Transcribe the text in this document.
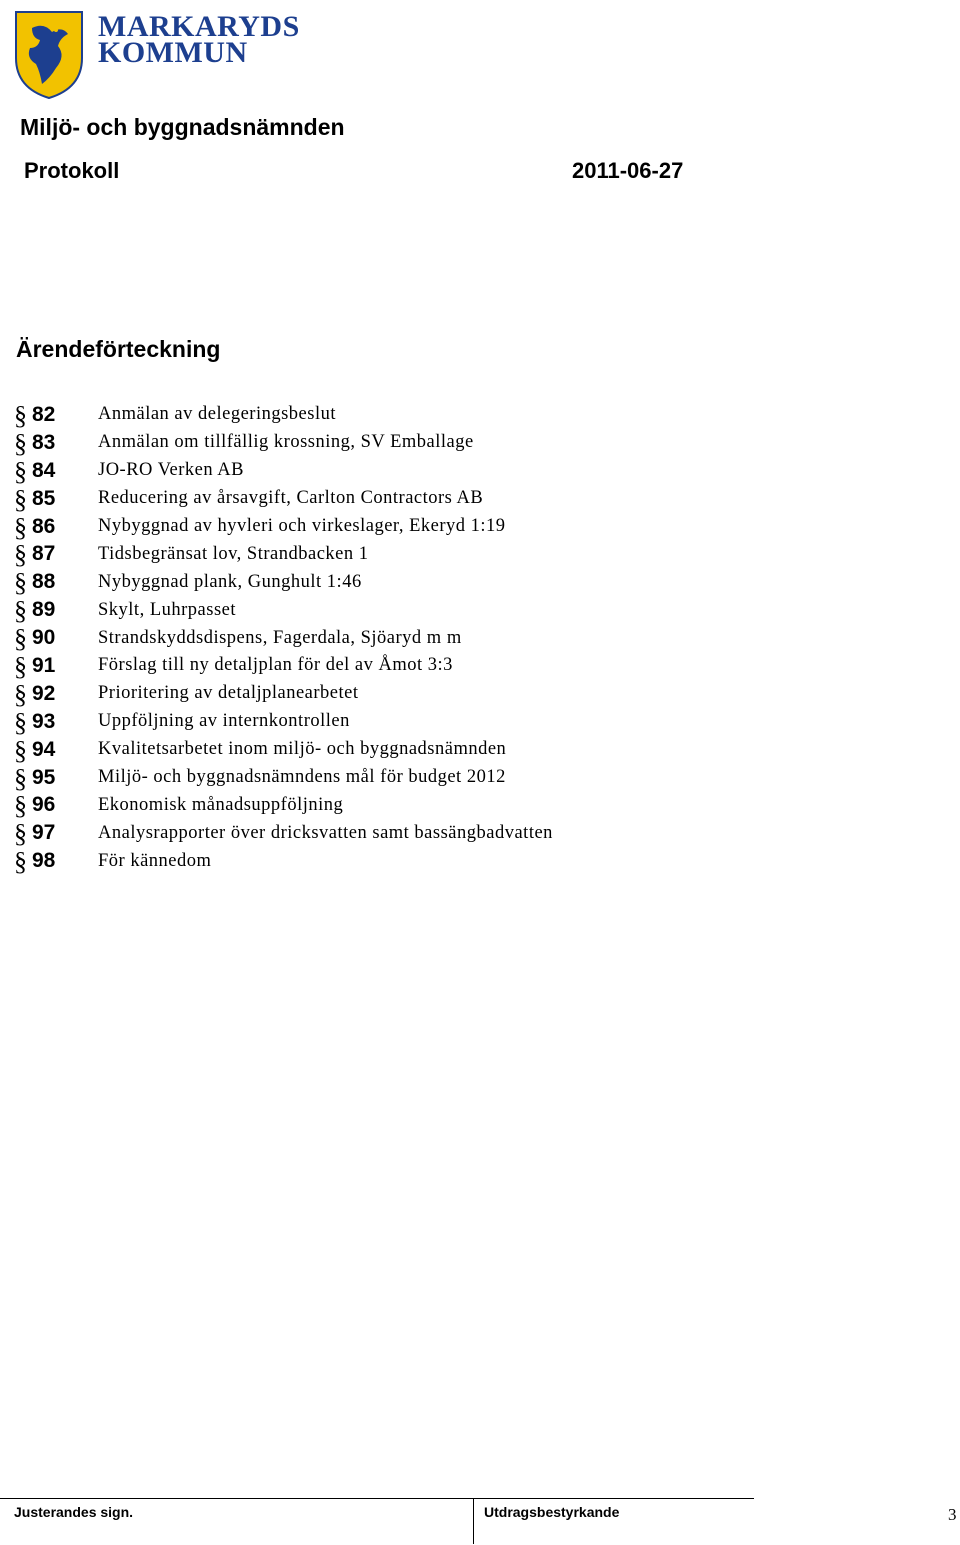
MARKARYDS
KOMMUN
Miljö- och byggnadsnämnden
Protokoll	2011-06-27
Ärendeförteckning
§ 82	Anmälan av delegeringsbeslut
§ 83	Anmälan om tillfällig krossning, SV Emballage
§ 84	JO-RO Verken AB
§ 85	Reducering av årsavgift, Carlton Contractors AB
§ 86	Nybyggnad av hyvleri och virkeslager, Ekeryd 1:19
§ 87	Tidsbegränsat lov, Strandbacken 1
§ 88	Nybyggnad plank, Gunghult 1:46
§ 89	Skylt, Luhrpasset
§ 90	Strandskyddsdispens, Fagerdala, Sjöaryd m m
§ 91	Förslag till ny detaljplan för del av Åmot 3:3
§ 92	Prioritering av detaljplanearbetet
§ 93	Uppföljning av internkontrollen
§ 94	Kvalitetsarbetet inom miljö- och byggnadsnämnden
§ 95	Miljö- och byggnadsnämndens mål för budget 2012
§ 96	Ekonomisk månadsuppföljning
§ 97	Analysrapporter över dricksvatten samt bassängbadvatten
§ 98	För kännedom
Justerandes sign.	Utdragsbestyrkande	3
